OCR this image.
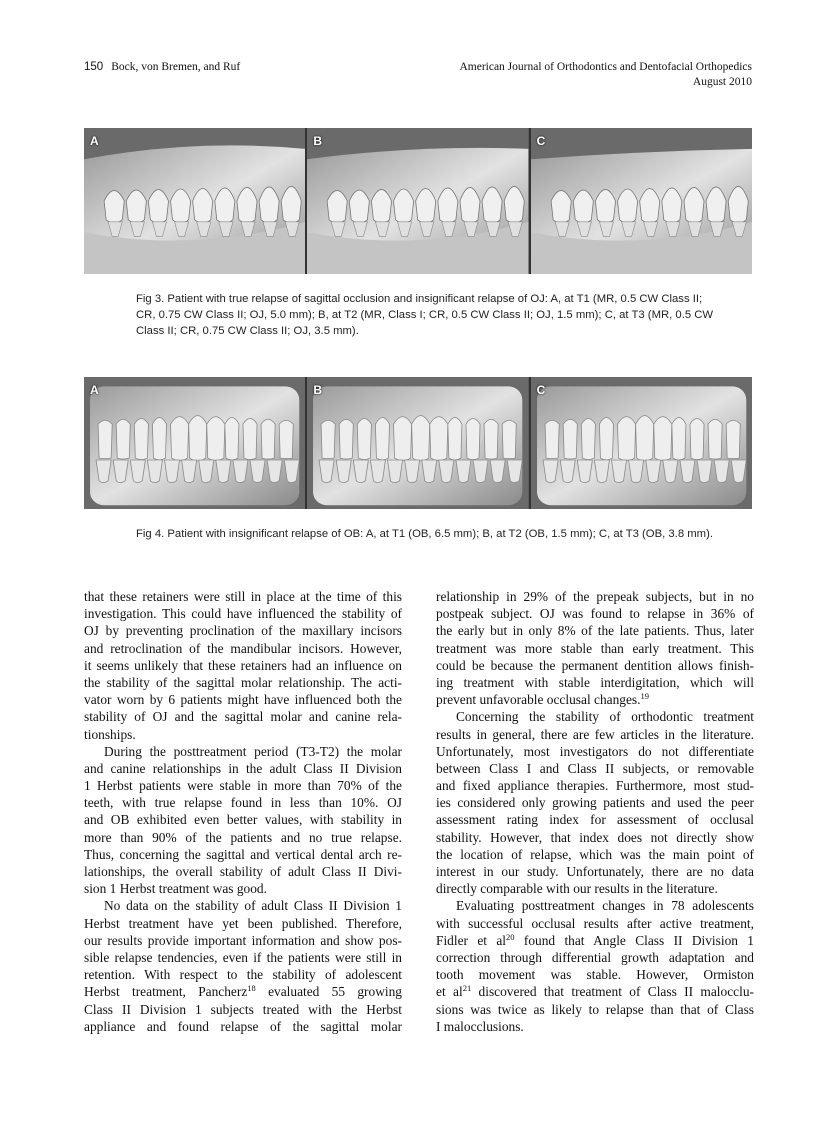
150 Bock, von Bremen, and Ruf	American Journal of Orthodontics and Dentofacial Orthopedics
August 2010
A	B	C
Fig 3. Patient with true relapse of sagittal occlusion and insignificant relapse of OJ: A, at T1 (MR, 0.5 CW Class II; CR, 0.75 CW Class II; OJ, 5.0 mm); B, at T2 (MR, Class I; CR, 0.5 CW Class II; OJ, 1.5 mm); C, at T3 (MR, 0.5 CW Class II; CR, 0.75 CW Class II; OJ, 3.5 mm).
A	B	C
Fig 4. Patient with insignificant relapse of OB: A, at T1 (OB, 6.5 mm); B, at T2 (OB, 1.5 mm); C, at T3 (OB, 3.8 mm).
that these retainers were still in place at the time of this
investigation. This could have influenced the stability of
OJ by preventing proclination of the maxillary incisors
and retroclination of the mandibular incisors. However,
it seems unlikely that these retainers had an influence on
the stability of the sagittal molar relationship. The acti-
vator worn by 6 patients might have influenced both the
stability of OJ and the sagittal molar and canine rela-
tionships.
During the posttreatment period (T3-T2) the molar
and canine relationships in the adult Class II Division
1 Herbst patients were stable in more than 70% of the
teeth, with true relapse found in less than 10%. OJ
and OB exhibited even better values, with stability in
more than 90% of the patients and no true relapse.
Thus, concerning the sagittal and vertical dental arch re-
lationships, the overall stability of adult Class II Divi-
sion 1 Herbst treatment was good.
No data on the stability of adult Class II Division 1
Herbst treatment have yet been published. Therefore,
our results provide important information and show pos-
sible relapse tendencies, even if the patients were still in
retention. With respect to the stability of adolescent
Herbst treatment, Pancherz$^{18}$ evaluated 55 growing
Class II Division 1 subjects treated with the Herbst
appliance and found relapse of the sagittal molar
relationship in 29% of the prepeak subjects, but in no
postpeak subject. OJ was found to relapse in 36% of
the early but in only 8% of the late patients. Thus, later
treatment was more stable than early treatment. This
could be because the permanent dentition allows finish-
ing treatment with stable interdigitation, which will
prevent unfavorable occlusal changes.$^{19}$
Concerning the stability of orthodontic treatment
results in general, there are few articles in the literature.
Unfortunately, most investigators do not differentiate
between Class I and Class II subjects, or removable
and fixed appliance therapies. Furthermore, most stud-
ies considered only growing patients and used the peer
assessment rating index for assessment of occlusal
stability. However, that index does not directly show
the location of relapse, which was the main point of
interest in our study. Unfortunately, there are no data
directly comparable with our results in the literature.
Evaluating posttreatment changes in 78 adolescents
with successful occlusal results after active treatment,
Fidler et $al^{20}$ found that Angle Class II Division 1
correction through differential growth adaptation and
tooth movement was stable. However, Ormiston
et $al^{21}$ discovered that treatment of Class II malocclu-
sions was twice as likely to relapse than that of Class
I malocclusions.
